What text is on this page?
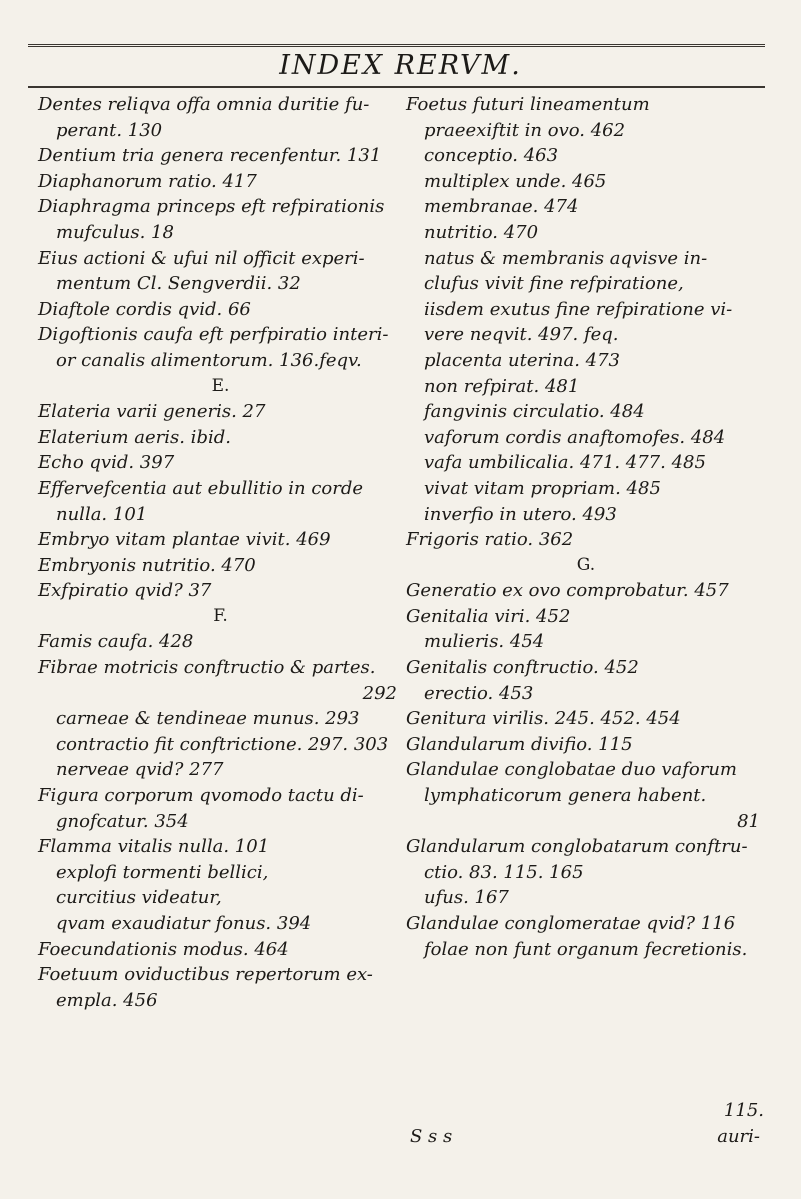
INDEX RERVM.
Dentes reliqva offa omnia duritie fu-
perant. 130
Dentium tria genera recenfentur. 131
Diaphanorum ratio. 417
Diaphragma princeps eft refpirationis
mufculus. 18
Eius actioni & ufui nil officit experi-
mentum Cl. Sengverdii. 32
Diaftole cordis qvid. 66
Digoftionis caufa eft perfpiratio interi-
or canalis alimentorum. 136.feqv.
E.
Elateria varii generis. 27
Elaterium aeris. ibid.
Echo qvid. 397
Effervefcentia aut ebullitio in corde
nulla. 101
Embryo vitam plantae vivit. 469
Embryonis nutritio. 470
Exfpiratio qvid? 37
F.
Famis caufa. 428
Fibrae motricis conftructio & partes.
292
carneae & tendineae munus. 293
contractio fit conftrictione. 297. 303
nerveae qvid? 277
Figura corporum qvomodo tactu di-
gnofcatur. 354
Flamma vitalis nulla. 101
explofi tormenti bellici,
curcitius videatur,
qvam exaudiatur fonus. 394
Foecundationis modus. 464
Foetuum oviductibus repertorum ex-
empla. 456
Foetus futuri lineamentum
praeexiftit in ovo. 462
conceptio. 463
multiplex unde. 465
membranae. 474
nutritio. 470
natus & membranis aqvisve in-
clufus vivit fine refpiratione,
iisdem exutus fine refpiratione vi-
vere neqvit. 497. feq.
placenta uterina. 473
non refpirat. 481
fangvinis circulatio. 484
vaforum cordis anaftomofes. 484
vafa umbilicalia. 471. 477. 485
vivat vitam propriam. 485
inverfio in utero. 493
Frigoris ratio. 362
G.
Generatio ex ovo comprobatur. 457
Genitalia viri. 452
mulieris. 454
Genitalis conftructio. 452
erectio. 453
Genitura virilis. 245. 452. 454
Glandularum divifio. 115
Glandulae conglobatae duo vaforum
lymphaticorum genera habent.
81
Glandularum conglobatarum conftru-
ctio. 83. 115. 165
ufus. 167
Glandulae conglomeratae qvid? 116
folae non funt organum fecretionis.
115.
S s s	auri-
